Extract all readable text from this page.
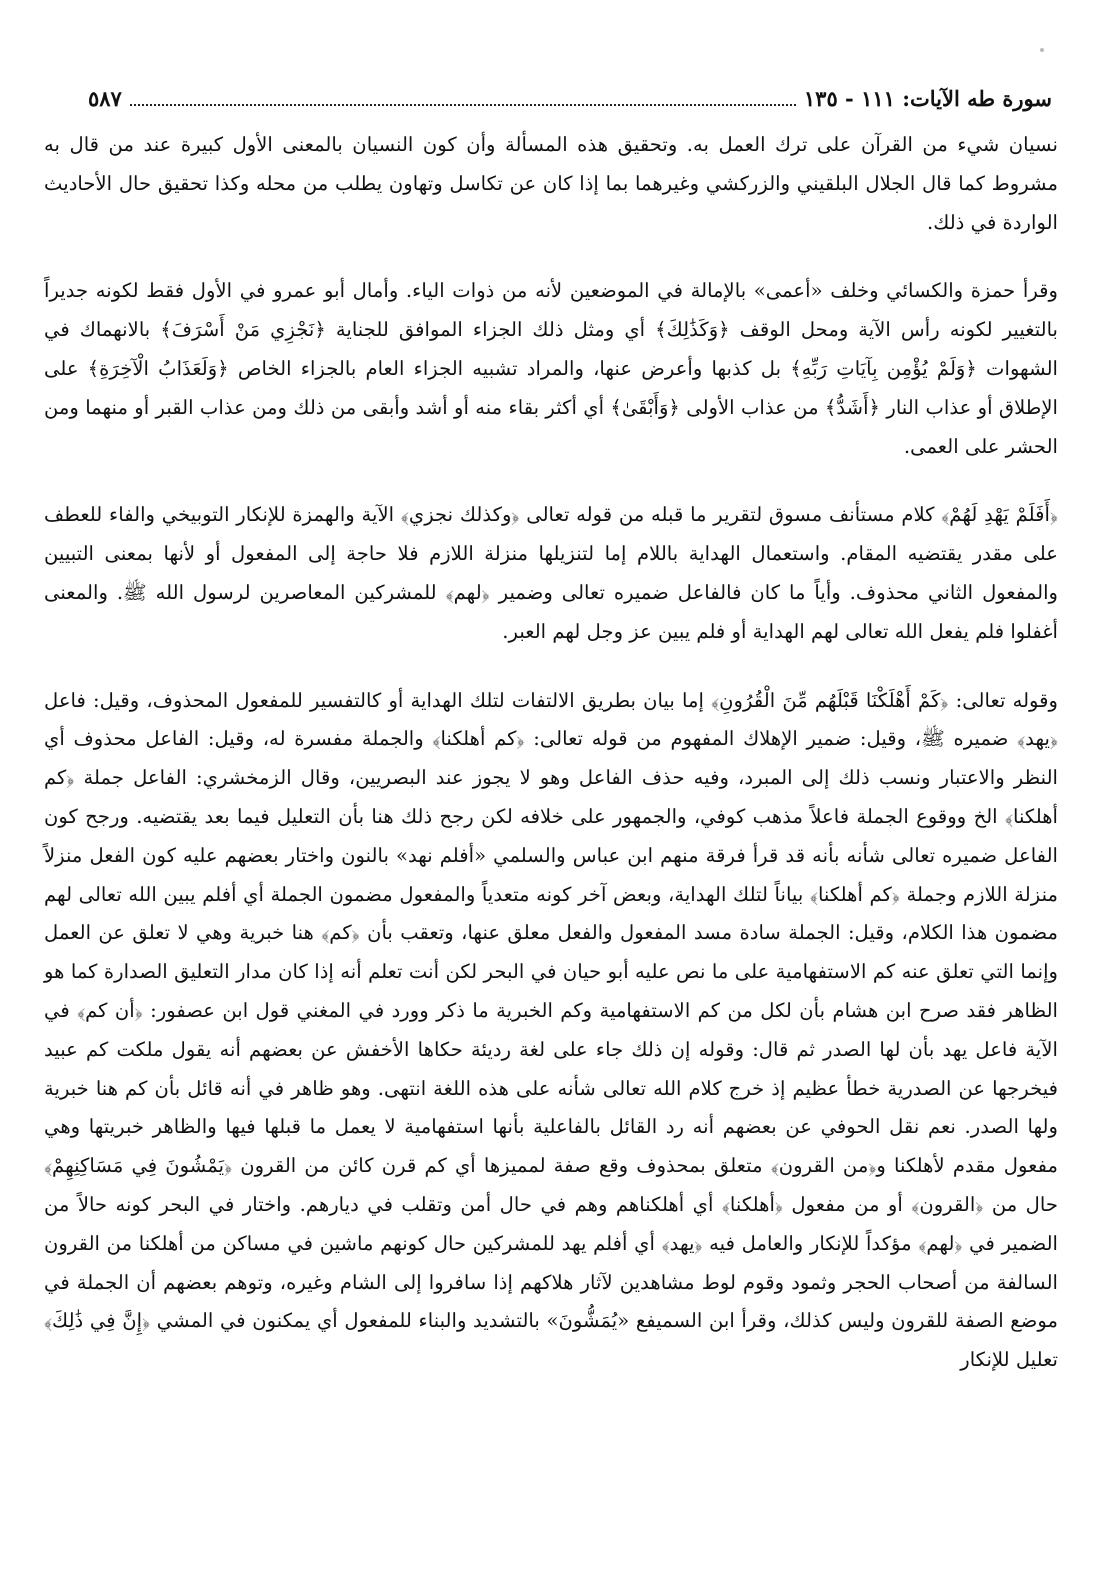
سورة طه الآيات: ١١١ - ١٣٥
٥٨٧

نسيان شيء من القرآن على ترك العمل به. وتحقيق هذه المسألة وأن كون النسيان بالمعنى الأول كبيرة عند من قال به مشروط كما قال الجلال البلقيني والزركشي وغيرهما بما إذا كان عن تكاسل وتهاون يطلب من محله وكذا تحقيق حال الأحاديث الواردة في ذلك.

وقرأ حمزة والكسائي وخلف «أعمى» بالإمالة في الموضعين لأنه من ذوات الياء. وأمال أبو عمرو في الأول فقط لكونه جديراً بالتغيير لكونه رأس الآية ومحل الوقف ﴿وَكَذَٰلِكَ﴾ أي ومثل ذلك الجزاء الموافق للجناية ﴿نَجْزِي مَنْ أَسْرَفَ﴾ بالانهماك في الشهوات ﴿وَلَمْ يُؤْمِن بِآيَاتِ رَبِّهِ﴾ بل كذبها وأعرض عنها، والمراد تشبيه الجزاء العام بالجزاء الخاص ﴿وَلَعَذَابُ الْآخِرَةِ﴾ على الإطلاق أو عذاب النار ﴿أَشَدُّ﴾ من عذاب الأولى ﴿وَأَبْقَىٰ﴾ أي أكثر بقاء منه أو أشد وأبقى من ذلك ومن عذاب القبر أو منهما ومن الحشر على العمى.

﴿أَفَلَمْ يَهْدِ لَهُمْ﴾ كلام مستأنف مسوق لتقرير ما قبله من قوله تعالى ﴿وكذلك نجزي﴾ الآية والهمزة للإنكار التوبيخي والفاء للعطف على مقدر يقتضيه المقام. واستعمال الهداية باللام إما لتنزيلها منزلة اللازم فلا حاجة إلى المفعول أو لأنها بمعنى التبيين والمفعول الثاني محذوف. وأياً ما كان فالفاعل ضميره تعالى وضمير ﴿لهم﴾ للمشركين المعاصرين لرسول الله ﷺ. والمعنى أغفلوا فلم يفعل الله تعالى لهم الهداية أو فلم يبين عز وجل لهم العبر.

وقوله تعالى: ﴿كَمْ أَهْلَكْنَا قَبْلَهُم مِّنَ الْقُرُونِ﴾ إما بيان بطريق الالتفات لتلك الهداية أو كالتفسير للمفعول المحذوف، وقيل: فاعل ﴿يهد﴾ ضميره ﷺ، وقيل: ضمير الإهلاك المفهوم من قوله تعالى: ﴿كم أهلكنا﴾ والجملة مفسرة له، وقيل: الفاعل محذوف أي النظر والاعتبار ونسب ذلك إلى المبرد، وفيه حذف الفاعل وهو لا يجوز عند البصريين، وقال الزمخشري: الفاعل جملة ﴿كم أهلكنا﴾ الخ ووقوع الجملة فاعلاً مذهب كوفي، والجمهور على خلافه لكن رجح ذلك هنا بأن التعليل فيما بعد يقتضيه. ورجح كون الفاعل ضميره تعالى شأنه بأنه قد قرأ فرقة منهم ابن عباس والسلمي «أفلم نهد» بالنون واختار بعضهم عليه كون الفعل منزلاً منزلة اللازم وجملة ﴿كم أهلكنا﴾ بياناً لتلك الهداية، وبعض آخر كونه متعدياً والمفعول مضمون الجملة أي أفلم يبين الله تعالى لهم مضمون هذا الكلام، وقيل: الجملة سادة مسد المفعول والفعل معلق عنها، وتعقب بأن ﴿كم﴾ هنا خبرية وهي لا تعلق عن العمل وإنما التي تعلق عنه كم الاستفهامية على ما نص عليه أبو حيان في البحر لكن أنت تعلم أنه إذا كان مدار التعليق الصدارة كما هو الظاهر فقد صرح ابن هشام بأن لكل من كم الاستفهامية وكم الخبرية ما ذكر وورد في المغني قول ابن عصفور: ﴿أن كم﴾ في الآية فاعل يهد بأن لها الصدر ثم قال: وقوله إن ذلك جاء على لغة رديئة حكاها الأخفش عن بعضهم أنه يقول ملكت كم عبيد فيخرجها عن الصدرية خطأ عظيم إذ خرج كلام الله تعالى شأنه على هذه اللغة انتهى. وهو ظاهر في أنه قائل بأن كم هنا خبرية ولها الصدر. نعم نقل الحوفي عن بعضهم أنه رد القائل بالفاعلية بأنها استفهامية لا يعمل ما قبلها فيها والظاهر خبريتها وهي مفعول مقدم لأهلكنا و﴿من القرون﴾ متعلق بمحذوف وقع صفة لمميزها أي كم قرن كائن من القرون ﴿يَمْشُونَ فِي مَسَاكِنِهِمْ﴾ حال من ﴿القرون﴾ أو من مفعول ﴿أهلكنا﴾ أي أهلكناهم وهم في حال أمن وتقلب في ديارهم. واختار في البحر كونه حالاً من الضمير في ﴿لهم﴾ مؤكداً للإنكار والعامل فيه ﴿يهد﴾ أي أفلم يهد للمشركين حال كونهم ماشين في مساكن من أهلكنا من القرون السالفة من أصحاب الحجر وثمود وقوم لوط مشاهدين لآثار هلاكهم إذا سافروا إلى الشام وغيره، وتوهم بعضهم أن الجملة في موضع الصفة للقرون وليس كذلك، وقرأ ابن السميفع «يُمَشُّونَ» بالتشديد والبناء للمفعول أي يمكنون في المشي ﴿إِنَّ فِي ذَٰلِكَ﴾ تعليل للإنكار
